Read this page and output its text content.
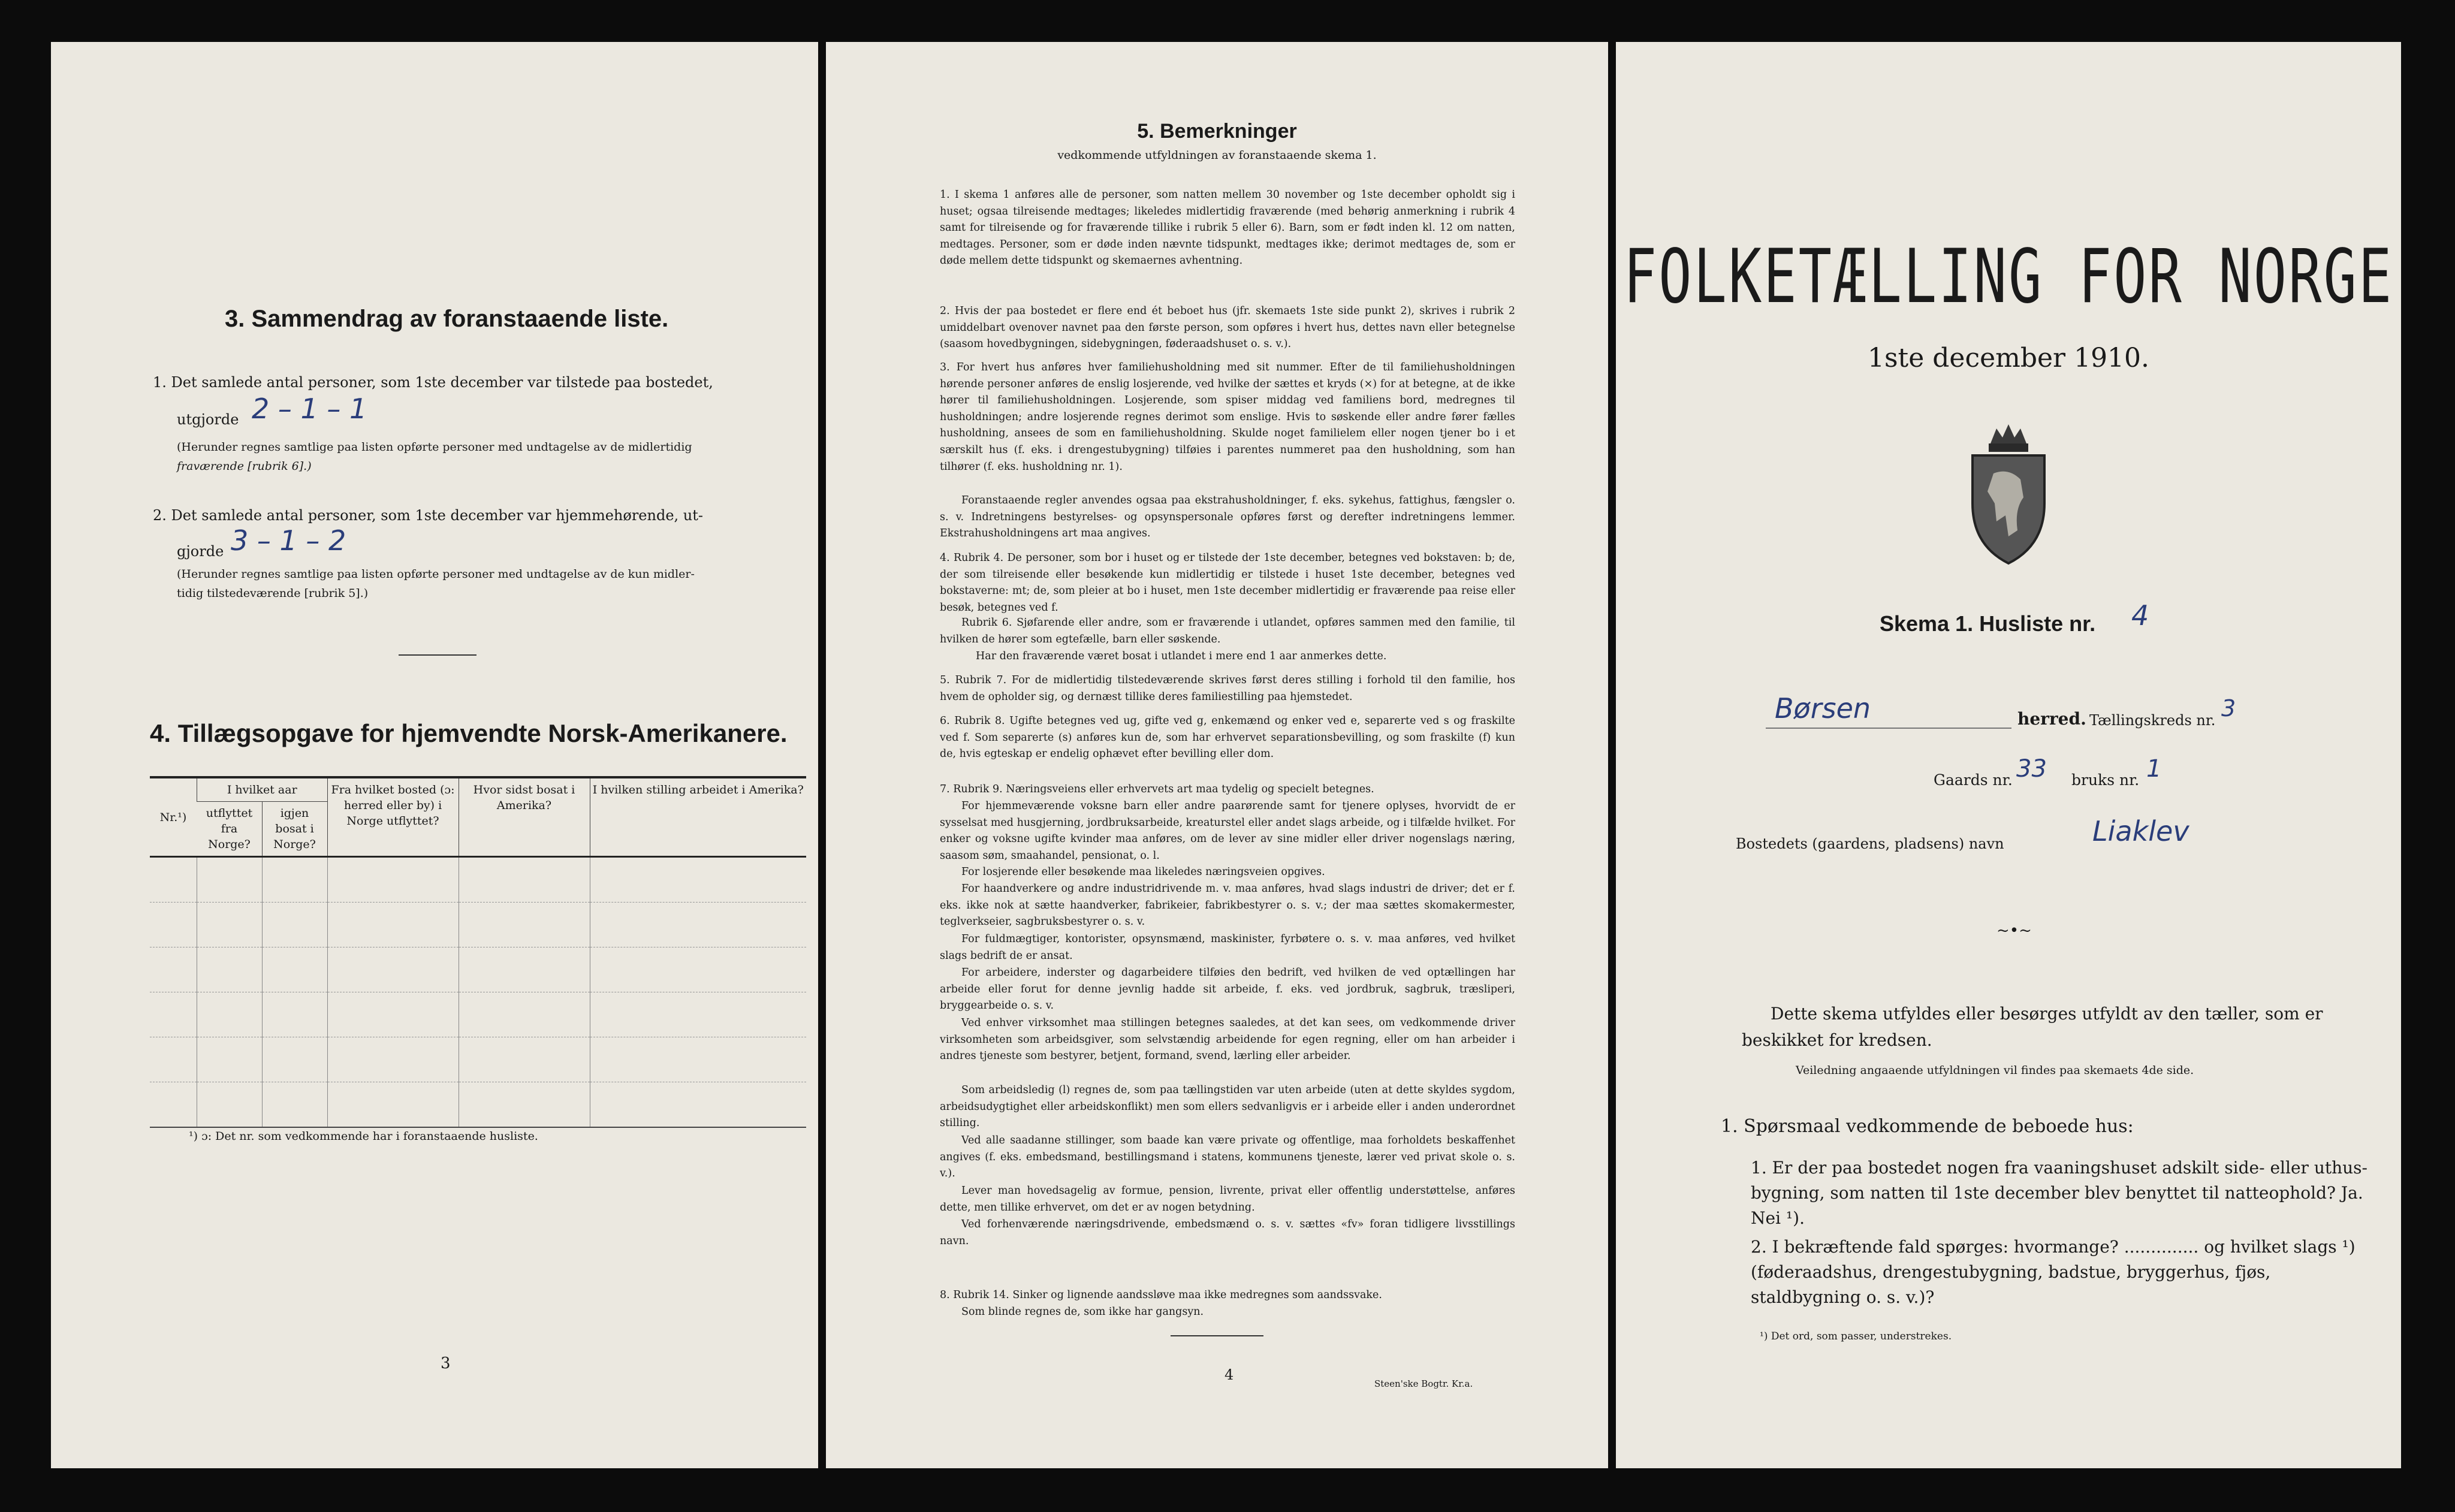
3. Sammendrag av foranstaaende liste.
1. Det samlede antal personer, som 1ste december var tilstede paa bostedet,
utgjorde 2 – 1 – 1
(Herunder regnes samtlige paa listen opførte personer med undtagelse av de midlertidig
fraværende [rubrik 6].)
2. Det samlede antal personer, som 1ste december var hjemmehørende, ut-
gjorde 3 – 1 – 2
(Herunder regnes samtlige paa listen opførte personer med undtagelse av de kun midler-
tidig tilstedeværende [rubrik 5].)
4. Tillægsopgave for hjemvendte Norsk-Amerikanere.
Nr.¹)	I hvilket aar		Fra hvilket bosted (ɔ: herred eller by) i Norge utflyttet?	Hvor sidst bosat i Amerika?	I hvilken stilling arbeidet i Amerika?
	utflyttet fra Norge?	igjen bosat i Norge?			

¹) ɔ: Det nr. som vedkommende har i foranstaaende husliste.
3
5. Bemerkninger
vedkommende utfyldningen av foranstaaende skema 1.
1. I skema 1 anføres alle de personer, som natten mellem 30 november og 1ste december opholdt sig i huset; ogsaa tilreisende medtages; likeledes midlertidig fraværende (med behørig anmerkning i rubrik 4 samt for tilreisende og for fraværende tillike i rubrik 5 eller 6). Barn, som er født inden kl. 12 om natten, medtages. Personer, som er døde inden nævnte tidspunkt, medtages ikke; derimot medtages de, som er døde mellem dette tidspunkt og skemaernes avhentning.
2. Hvis der paa bostedet er flere end ét beboet hus (jfr. skemaets 1ste side punkt 2), skrives i rubrik 2 umiddelbart ovenover navnet paa den første person, som opføres i hvert hus, dettes navn eller betegnelse (saasom hovedbygningen, sidebygningen, føderaadshuset o. s. v.).
3. For hvert hus anføres hver familiehusholdning med sit nummer. Efter de til familiehusholdningen hørende personer anføres de enslig losjerende, ved hvilke der sættes et kryds (×) for at betegne, at de ikke hører til familiehusholdningen. Losjerende, som spiser middag ved familiens bord, medregnes til husholdningen; andre losjerende regnes derimot som enslige. Hvis to søskende eller andre fører fælles husholdning, ansees de som en familiehusholdning. Skulde noget familielem eller nogen tjener bo i et særskilt hus (f. eks. i drengestubygning) tilføies i parentes nummeret paa den husholdning, som han tilhører (f. eks. husholdning nr. 1).
Foranstaaende regler anvendes ogsaa paa ekstrahusholdninger, f. eks. sykehus, fattighus, fængsler o. s. v. Indretningens bestyrelses- og opsynspersonale opføres først og derefter indretningens lemmer. Ekstrahusholdningens art maa angives.
4. Rubrik 4. De personer, som bor i huset og er tilstede der 1ste december, betegnes ved bokstaven: b; de, der som tilreisende eller besøkende kun midlertidig er tilstede i huset 1ste december, betegnes ved bokstaverne: mt; de, som pleier at bo i huset, men 1ste december midlertidig er fraværende paa reise eller besøk, betegnes ved f.
Rubrik 6. Sjøfarende eller andre, som er fraværende i utlandet, opføres sammen med den familie, til hvilken de hører som egtefælle, barn eller søskende.
Har den fraværende været bosat i utlandet i mere end 1 aar anmerkes dette.
5. Rubrik 7. For de midlertidig tilstedeværende skrives først deres stilling i forhold til den familie, hos hvem de opholder sig, og dernæst tillike deres familiestilling paa hjemstedet.
6. Rubrik 8. Ugifte betegnes ved ug, gifte ved g, enkemænd og enker ved e, separerte ved s og fraskilte ved f. Som separerte (s) anføres kun de, som har erhvervet separationsbevilling, og som fraskilte (f) kun de, hvis egteskap er endelig ophævet efter bevilling eller dom.
7. Rubrik 9. Næringsveiens eller erhvervets art maa tydelig og specielt betegnes.
For hjemmeværende voksne barn eller andre paarørende samt for tjenere oplyses, hvorvidt de er sysselsat med husgjerning, jordbruksarbeide, kreaturstel eller andet slags arbeide, og i tilfælde hvilket. For enker og voksne ugifte kvinder maa anføres, om de lever av sine midler eller driver nogenslags næring, saasom søm, smaahandel, pensionat, o. l.
For losjerende eller besøkende maa likeledes næringsveien opgives.
For haandverkere og andre industridrivende m. v. maa anføres, hvad slags industri de driver; det er f. eks. ikke nok at sætte haandverker, fabrikeier, fabrikbestyrer o. s. v.; der maa sættes skomakermester, teglverkseier, sagbruksbestyrer o. s. v.
For fuldmægtiger, kontorister, opsynsmænd, maskinister, fyrbøtere o. s. v. maa anføres, ved hvilket slags bedrift de er ansat.
For arbeidere, inderster og dagarbeidere tilføies den bedrift, ved hvilken de ved optællingen har arbeide eller forut for denne jevnlig hadde sit arbeide, f. eks. ved jordbruk, sagbruk, træsliperi, bryggearbeide o. s. v.
Ved enhver virksomhet maa stillingen betegnes saaledes, at det kan sees, om vedkommende driver virksomheten som arbeidsgiver, som selvstændig arbeidende for egen regning, eller om han arbeider i andres tjeneste som bestyrer, betjent, formand, svend, lærling eller arbeider.
Som arbeidsledig (l) regnes de, som paa tællingstiden var uten arbeide (uten at dette skyldes sygdom, arbeidsudygtighet eller arbeidskonflikt) men som ellers sedvanligvis er i arbeide eller i anden underordnet stilling.
Ved alle saadanne stillinger, som baade kan være private og offentlige, maa forholdets beskaffenhet angives (f. eks. embedsmand, bestillingsmand i statens, kommunens tjeneste, lærer ved privat skole o. s. v.).
Lever man hovedsagelig av formue, pension, livrente, privat eller offentlig understøttelse, anføres dette, men tillike erhvervet, om det er av nogen betydning.
Ved forhenværende næringsdrivende, embedsmænd o. s. v. sættes «fv» foran tidligere livsstillings navn.
8. Rubrik 14. Sinker og lignende aandssløve maa ikke medregnes som aandssvake.
Som blinde regnes de, som ikke har gangsyn.
4
Steen'ske Bogtr. Kr.a.
FOLKETÆLLING FOR NORGE
1ste december 1910.
Skema 1. Husliste nr. 4
Børsen	herred. Tællingskreds nr. 3
Gaards nr. 33 bruks nr. 1
Bostedets (gaardens, pladsens) navn	Liaklev
~•~
Dette skema utfyldes eller besørges utfyldt av den tæller, som er beskikket for kredsen.
Veiledning angaaende utfyldningen vil findes paa skemaets 4de side.
1. Spørsmaal vedkommende de beboede hus:
1. Er der paa bostedet nogen fra vaaningshuset adskilt side- eller uthus-bygning, som natten til 1ste december blev benyttet til natteophold? Ja. Nei ¹).
2. I bekræftende fald spørges: hvormange? .............. og hvilket slags ¹) (føderaadshus, drengestubygning, badstue, bryggerhus, fjøs, staldbygning o. s. v.)?
¹) Det ord, som passer, understrekes.
